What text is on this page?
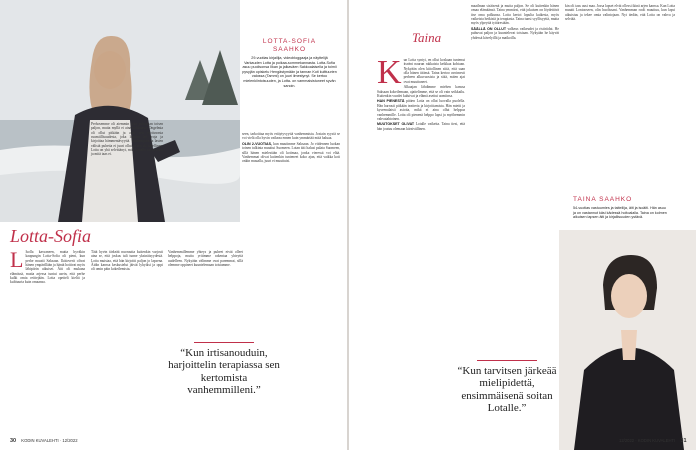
LOTTA-SOFIA
SAAHKO
29-vuotias kirjailija, videobloggaaja ja näyttelijä Varkauden Lotta ja poikaa-sommekannasta. Lotta-Sofia asuu puolisonsa Ilkan ja jalkaväen Sakkoalaisella ja toimii pysyjän opiskelu Hengästymään ja tannan Koti kulttuurien valossa (Tammi) on juuri ilmestynyt. Se kertoo mielenkiintoisuuden, ja Lotta- on vammaisistuneet syvän sanoin.

seen, tarkoittaa myös eriäytyvyyttä vanhemmista. Jostain syystä se voi vielä olla hyvin vaikeaa ennen kuin ymmärtää mitä haluaa.

OLIN 2-VUOTIAS, kun muutimme Saksaan. Jo viidennen luokan toinen tulkinta muuttui Suomeen. Lotan äiti halusi palata Suomeen, sillä hänen mielestään oli kotimaa, jonka vieressä voi elää. Vanhemmat olivat kuitenkin tunteneet koko ajan, että vaikka koti onkin muualla, juuri ei muuttuisi.

Lotta-Sofia

L Isolla kasvaneen, mutta hyväkin kaupungin Lotta-Sofia oli pieni, kun perhe muutti Saksaan. Ikätoverit olivat hänen ympärillään ja häntä hoitivat myös lähipiirin aikuiset. Äiti oli mukana elämässä, mutta arjessa tuntui usein, että perhe kulki omia reittejään. Lotta opetteli kieltä ja kulttuuria kuin omaansa.

Perhosemme oli aiemmin joka puhuttaan toisen paljon, mutta myllä ei aina kirkkaasti. Ongelmia oli ollut pitkään ja aina sen erottuvasta ruumiillisuudesta, joka lopulta loi eroja ja kirjoittaa hämmentävyyttä. Vanhempien ja lasten välistä puhetta ei juuri ollut ja ero oli todellinen. Lotta on yhä selvittänyt, mitä hänelle on hyväksi ja mitä taas ei.

Tätä hyvin tärkeää nuoruutta kuitenkin varjosti aina se, että joskus tuli tunne yksinäisyydestä. Lotta muistaa, että hän kirjoitti paljon jo lapsena. Äidin kanssa keskustelut jäivät lyhyiksi ja oppi oli omin päin kokeilemista.

“Kun irtisanouduin, harjoittelin terapiassa sen kertomista vanhemmilleni.”

Vanhemmillemme yhteys ja puheet eivät olleet helppoja, mutta yritimme rakentaa yhteyttä uudelleen. Nykyään välimme ovat paremmat, sillä olemme oppineet kuuntelemaan toisiamme.

30 KODIN KUVALEHTI · 12/2022
Taina

K un Lotta syntyi, en ollut koskaan tuntenut itseäni naurun rakkaista keikkaa kohtaan. Nykyään olen kiitollinen siitä, että saan olla hänen äitinsä. Taina kertoo avoimesti perheen alkuvuosista ja siitä, miten ajat ovat muuttuneet.

Alkuajan lähdimme miehen kanssa Saksaan kokeilemaan, ajattelimme, että se oli vain seikkailu. Kuitenkin vuodet kuluivat ja elämä asettui uomiinsa.

HAN PIENESTÄ pitäen Lotta on ollut luovalla puolella. Hän harrasti pitkään teatteria ja kirjoittamista. Hän mietti ja kyseenalaisti asioita, mikä ei aina ollut helppoa vanhemmille. Lotta oli pienenä helppo lapsi ja myöhemmin vahvatahtoinen.

MUUTOKSET OLIVAT Lotalle vaikeita. Taina tiesi, että hän joutuu olemaan kärsivällinen.

maailman sisäisenä ja mutta paljon. Se oli kuitenkin hänen omaa elämäänsä. Taina ymmärsi, että jokaisen on löydettävä itse oma polkunsa. Lotta kertoi lopulta kaikesta, myös vaikeista hetkistä ja terapiasta. Taina tunsi syyllisyyttä, mutta myös ylpeyttä tyttärestään.

SÄÄLLÄ ON OLLUT valkeus vaikeudet ja ristiriidat. He puhuvat paljon ja kuuntelevat toisiaan. Nykyään he käyvät yhdessä kävelyillä ja matkoilla.

kin oli taas uusi maa. Jossa lapset elvät ollessi ikinä arjen kanssa. Kun Lotta muutti Lontooseen, olin huolissani. Vanhemman rooli muuttuu, kun lapsi aikuistuu ja tekee omia valintojaan. Nyt tiedän, että Lotta on vahva ja selviää.

TAINA SAAHKO
54-vuotias vastuumies ja taiteilija, äiti ja isoäiti. Hän asuu ja on vastannut käsi kädessä hoitoalalla. Taina on kolmen aikuisen lapsen äiti ja kirjallisuuden ystävä.
“Kun tarvitsen järkeää mielipidettä, ensimmäisenä soitan Lotalle.”
12/2022 · KODIN KUVALEHTI 31
